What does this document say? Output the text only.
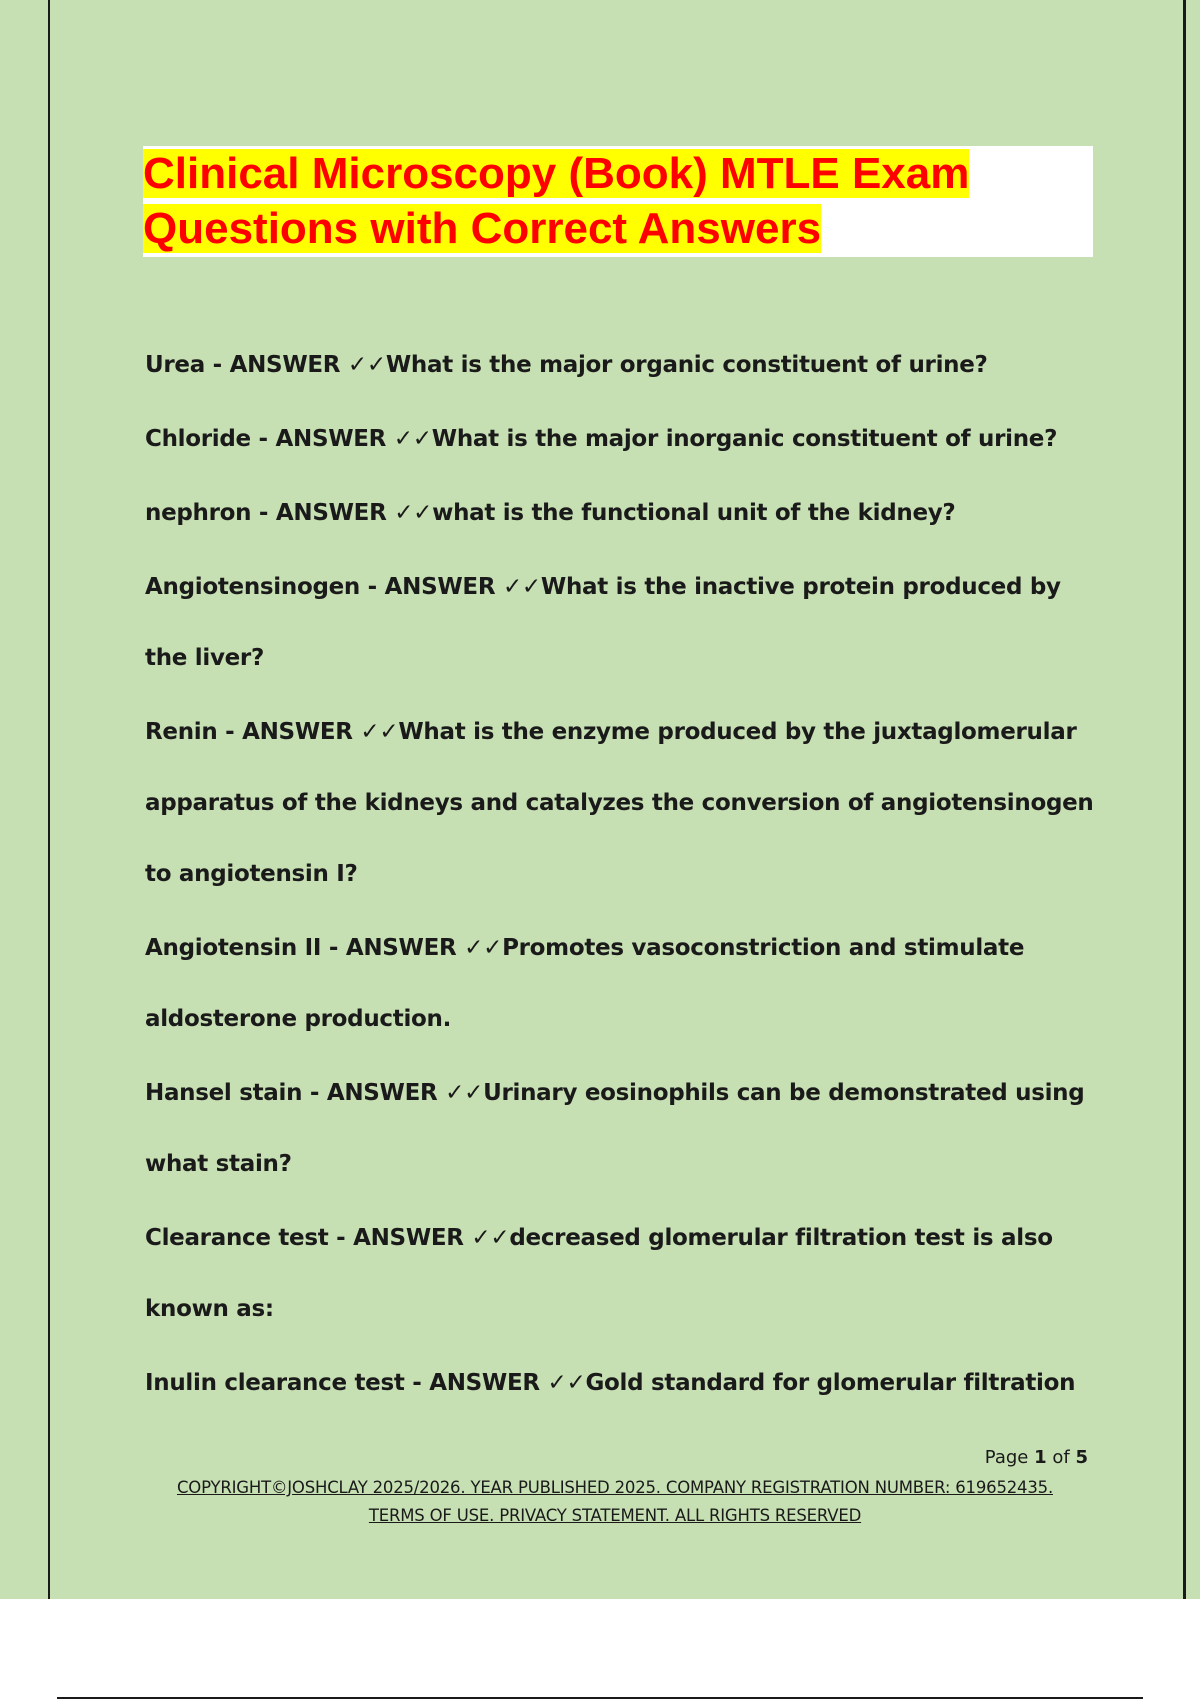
Clinical Microscopy (Book) MTLE Exam
Questions with Correct Answers
Urea - ANSWER ✓✓What is the major organic constituent of urine?
Chloride - ANSWER ✓✓What is the major inorganic constituent of urine?
nephron - ANSWER ✓✓what is the functional unit of the kidney?
Angiotensinogen - ANSWER ✓✓What is the inactive protein produced by the liver?
Renin - ANSWER ✓✓What is the enzyme produced by the juxtaglomerular apparatus of the kidneys and catalyzes the conversion of angiotensinogen to angiotensin I?
Angiotensin II - ANSWER ✓✓Promotes vasoconstriction and stimulate aldosterone production.
Hansel stain - ANSWER ✓✓Urinary eosinophils can be demonstrated using what stain?
Clearance test - ANSWER ✓✓decreased glomerular filtration test is also known as:
Inulin clearance test - ANSWER ✓✓Gold standard for glomerular filtration
Page 1 of 5
COPYRIGHT©JOSHCLAY 2025/2026. YEAR PUBLISHED 2025. COMPANY REGISTRATION NUMBER: 619652435. TERMS OF USE. PRIVACY STATEMENT. ALL RIGHTS RESERVED
